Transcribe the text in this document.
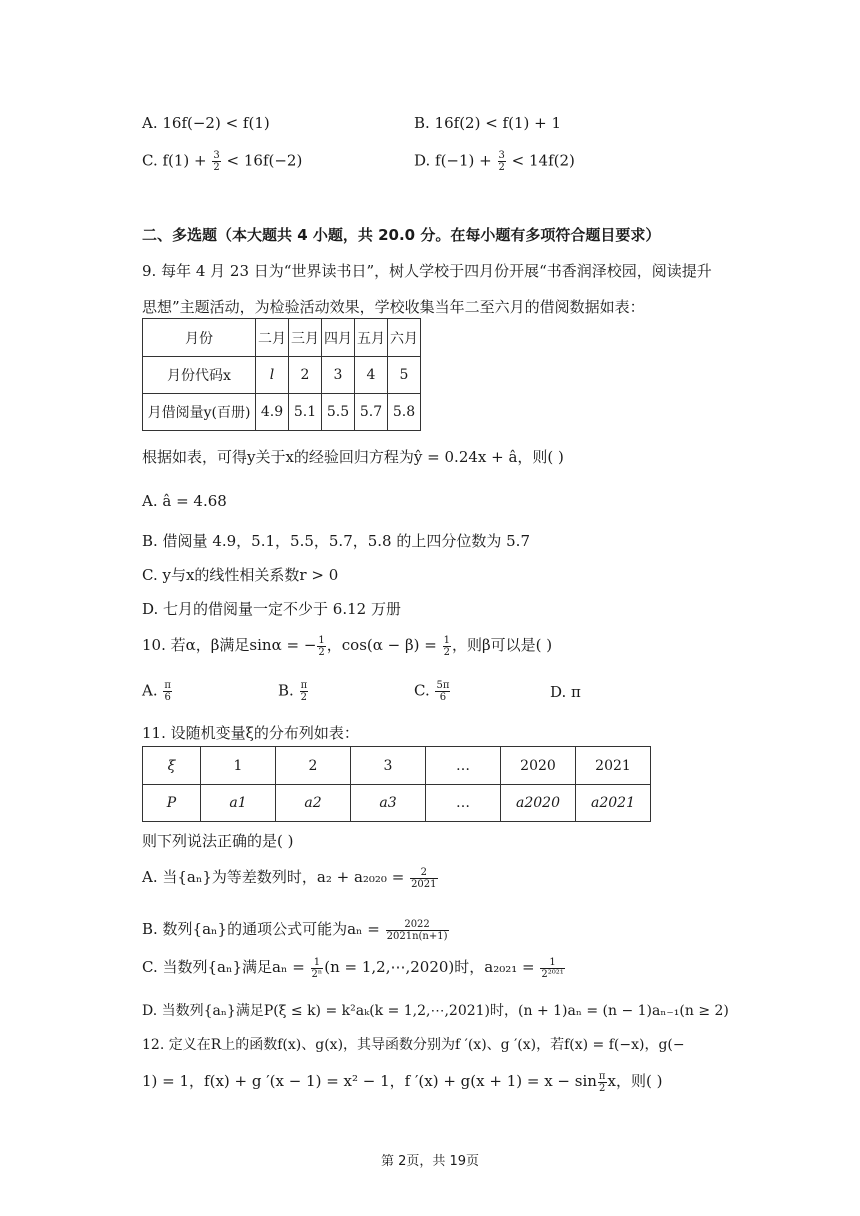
A. 16f(−2) < f(1)	B. 16f(2) < f(1) + 1
C. $f(1) + \frac{3}{2} < 16f(-2)$	D. $f(-1) + \frac{3}{2} < 14f(2)$
二、多选题（本大题共 4 小题，共 20.0 分。在每小题有多项符合题目要求）
9. 每年 4 月 23 日为“世界读书日”，树人学校于四月份开展“书香润泽校园，阅读提升
思想”主题活动，为检验活动效果，学校收集当年二至六月的借阅数据如表：
月份	二月	三月	四月	五月	六月
月份代码x	l	2	3	4	5
月借阅量y(百册)	4.9	5.1	5.5	5.7	5.8
根据如表，可得y关于x的经验回归方程为ŷ = 0.24x + â，则( )
A. â = 4.68
B. 借阅量 4.9，5.1，5.5，5.7，5.8 的上四分位数为 5.7
C. y与x的线性相关系数r > 0
D. 七月的借阅量一定不少于 6.12 万册
10. 若α，β满足sinα = − $\frac{1}{2}$ ，$\cos(\alpha - \beta) = \frac{1}{2}$ ，则β可以是( )
A. $\frac{\pi}{6}$	B. $\frac{\pi}{2}$	C. $\frac{5\pi}{6}$	D. π
11. 设随机变量ξ的分布列如表：
ξ	1	2	3	…	2020	2021
P	a1	a2	a3	…	a2020	a2021
则下列说法正确的是( )
A. 当{aₙ}为等差数列时，$a_2 + a_{2020} = \frac{2}{2021}$
B. 数列{aₙ}的通项公式可能为$a_n = \frac{2022}{2021n(n+1)}$
C. 当数列{aₙ}满足$a_n = \frac{1}{\text{2ⁿ}} (n$ = 1,2,⋯,2020)时，$a_{2021} = \frac{1}{\text{2²⁰²¹}}$
D. 当数列{aₙ}满足P(ξ ≤ k) = k²aₖ(k = 1,2,⋯,2021)时，(n + 1)aₙ = (n − 1)aₙ₋₁(n ≥ 2)
12. 定义在R上的函数f(x)、g(x)，其导函数分别为f ′(x)、g ′(x)，若f(x) = f(−x)，g(−
1) = 1，f(x) + g ′(x − 1) = x² − 1，f $'(x) + g(x + 1) = x - \sin \frac{\pi}{2}$ x，则( )
第 2页，共 19页
